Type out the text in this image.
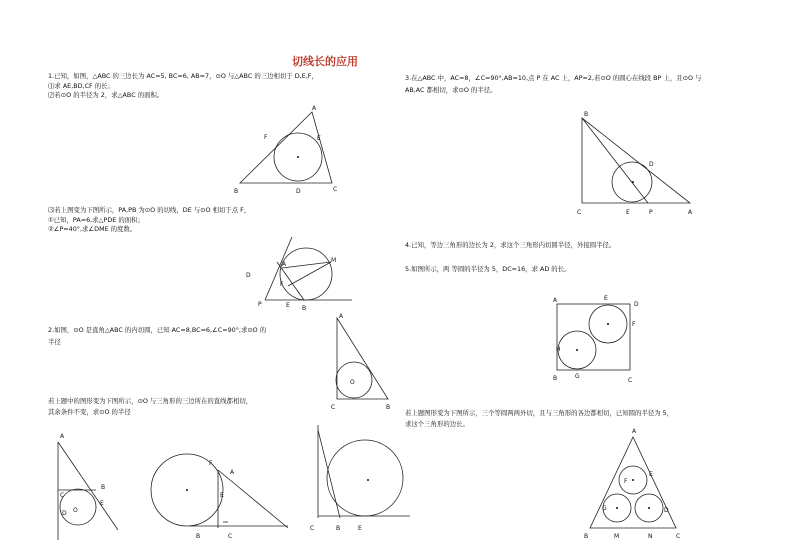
切线长的应用
1.已知，如图，△ABC 的三边长为 AC=5, BC=6, AB=7，⊙O 与△ABC 的三边相切于 D,E,F，
⑴求 AE,BD,CF 的长；
⑵若⊙O 的半径为 2，求△ABC 的面积。
⑶若上图变为下图所示，PA,PB 为⊙O 的切线，DE 与⊙O 相切于点 F，
①已知，PA=6,求△PDE 的面积；
②∠P=40°,求∠DME 的度数。
2.如图，⊙O 是直角△ABC 的内切圆，已知 AC=8,BC=6,∠C=90°,求⊙O 的
半径
若上题中的图形变为下图所示，⊙O 与三角形的三边所在的直线都相切，
其余条件不变，求⊙O 的半径
3.在△ABC 中，AC=8，∠C=90°,AB=10,点 P 在 AC 上，AP=2,若⊙O 的圆心在线段 BP 上，且⊙O 与
AB,AC 都相切，求⊙O 的半径。
4.已知，等边三角形的边长为 2，求这个三角形内切圆半径，外接圆半径。
5.如图所示，两 等圆的半径为 5，DC=16，求 AD 的长。
若上题图形变为下图所示，三个等圆两两外切，且与三角形的各边都相切，已知圆的半径为 5，
求这个三角形的边长。
A
B	C
D
E
F
P
D
A
M
E
F
B
A
C	B
O
A
C
D O
E
B
F
A
E
B	C
C	B	E
B
D
C	E	P	A
A	E
D
F
H
B	G
C
A
F
E
G	D
B	M	N	C
